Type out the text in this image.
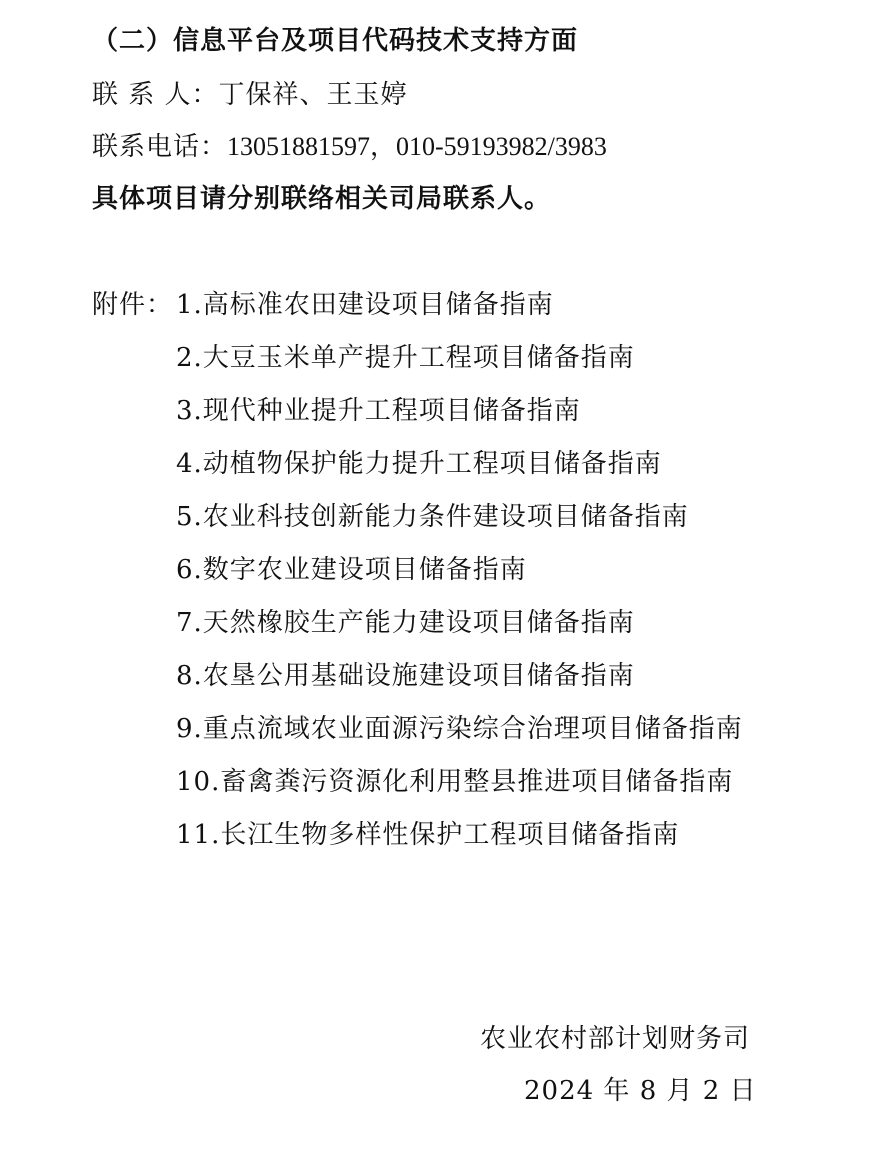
（二）信息平台及项目代码技术支持方面
联 系 人：丁保祥、王玉婷
联系电话：13051881597，010-59193982/3983
具体项目请分别联络相关司局联系人。
附件： 1.高标准农田建设项目储备指南
2.大豆玉米单产提升工程项目储备指南
3.现代种业提升工程项目储备指南
4.动植物保护能力提升工程项目储备指南
5.农业科技创新能力条件建设项目储备指南
6.数字农业建设项目储备指南
7.天然橡胶生产能力建设项目储备指南
8.农垦公用基础设施建设项目储备指南
9.重点流域农业面源污染综合治理项目储备指南
10.畜禽粪污资源化利用整县推进项目储备指南
11.长江生物多样性保护工程项目储备指南
农业农村部计划财务司
2024 年 8 月 2 日
